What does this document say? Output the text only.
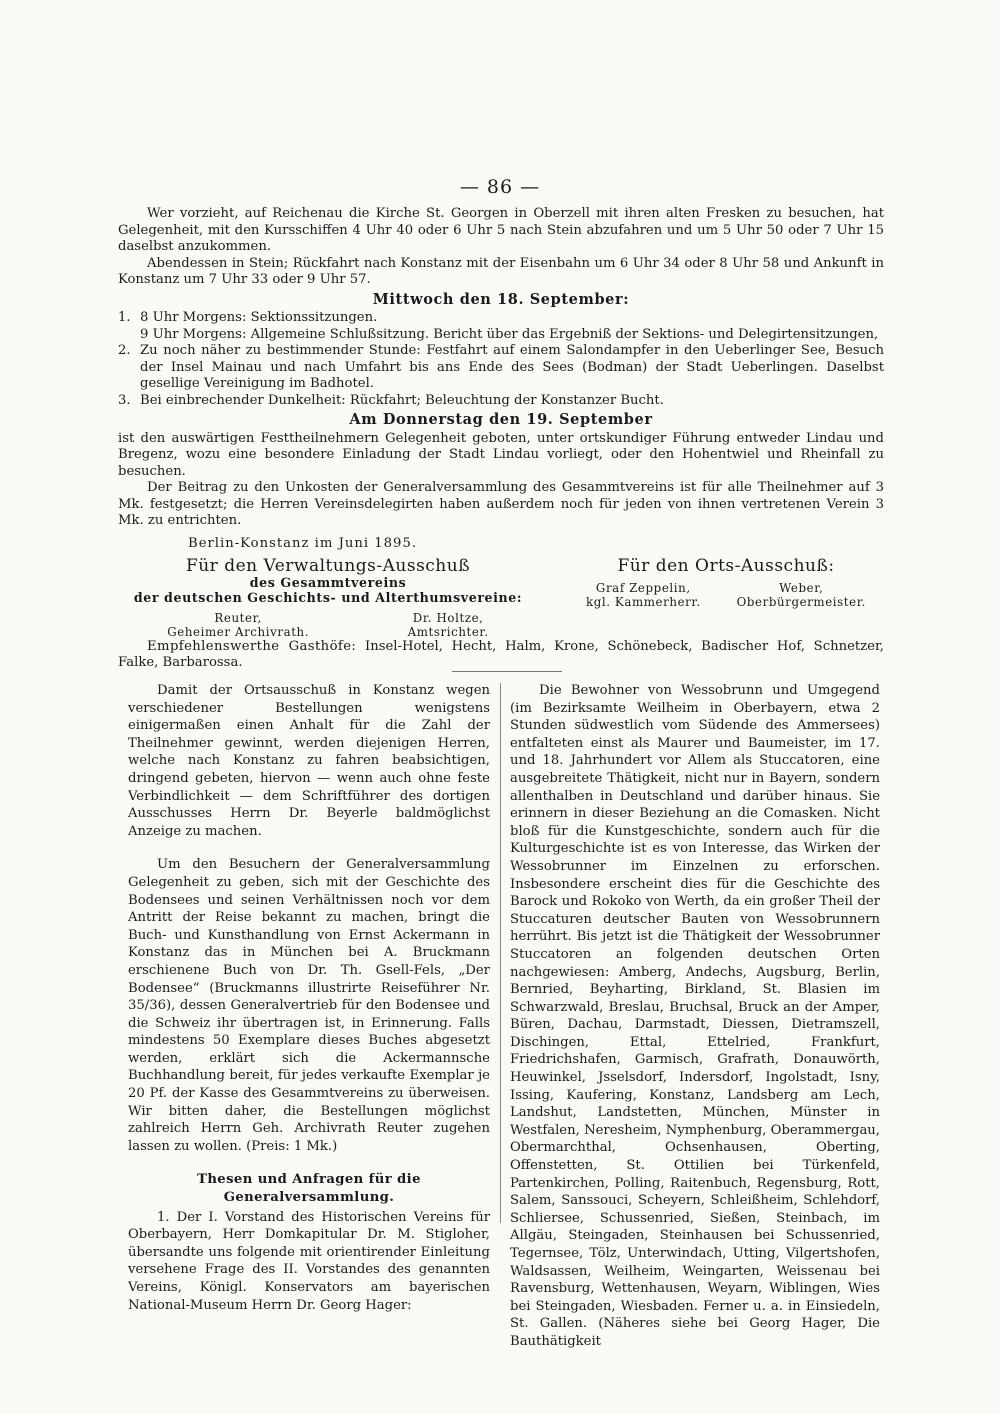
— 86 —

Wer vorzieht, auf Reichenau die Kirche St. Georgen in Oberzell mit ihren alten Fresken zu besuchen, hat Gelegenheit, mit den Kursschiffen 4 Uhr 40 oder 6 Uhr 5 nach Stein abzufahren und um 5 Uhr 50 oder 7 Uhr 15 daselbst anzukommen.

Abendessen in Stein; Rückfahrt nach Konstanz mit der Eisenbahn um 6 Uhr 34 oder 8 Uhr 58 und Ankunft in Konstanz um 7 Uhr 33 oder 9 Uhr 57.

Mittwoch den 18. September:
1. 8 Uhr Morgens: Sektionssitzungen.
9 Uhr Morgens: Allgemeine Schlußsitzung. Bericht über das Ergebniß der Sektions- und Delegirtensitzungen,
2. Zu noch näher zu bestimmender Stunde: Festfahrt auf einem Salondampfer in den Ueberlinger See, Besuch der Insel Mainau und nach Umfahrt bis ans Ende des Sees (Bodman) der Stadt Ueberlingen. Daselbst gesellige Vereinigung im Badhotel.
3. Bei einbrechender Dunkelheit: Rückfahrt; Beleuchtung der Konstanzer Bucht.
Am Donnerstag den 19. September

ist den auswärtigen Festtheilnehmern Gelegenheit geboten, unter ortskundiger Führung entweder Lindau und Bregenz, wozu eine besondere Einladung der Stadt Lindau vorliegt, oder den Hohentwiel und Rheinfall zu besuchen.

Der Beitrag zu den Unkosten der Generalversammlung des Gesammtvereins ist für alle Theilnehmer auf 3 Mk. festgesetzt; die Herren Vereinsdelegirten haben außerdem noch für jeden von ihnen vertretenen Verein 3 Mk. zu entrichten.

Berlin-Konstanz im Juni 1895.

Für den Verwaltungs-Ausschuß
des Gesammtvereins
der deutschen Geschichts- und Alterthumsvereine:
Reuter,
Geheimer Archivrath.
Dr. Holtze,
Amtsrichter.
Für den Orts-Ausschuß:
Graf Zeppelin,
kgl. Kammerherr.
Weber,
Oberbürgermeister.

Empfehlenswerthe Gasthöfe: Insel-Hotel, Hecht, Halm, Krone, Schönebeck, Badischer Hof, Schnetzer, Falke, Barbarossa.

Damit der Ortsausschuß in Konstanz wegen verschiedener Bestellungen wenigstens einigermaßen einen Anhalt für die Zahl der Theilnehmer gewinnt, werden diejenigen Herren, welche nach Konstanz zu fahren beabsichtigen, dringend gebeten, hiervon — wenn auch ohne feste Verbindlichkeit — dem Schriftführer des dortigen Ausschusses Herrn Dr. Beyerle baldmöglichst Anzeige zu machen.

Um den Besuchern der Generalversammlung Gelegenheit zu geben, sich mit der Geschichte des Bodensees und seinen Verhältnissen noch vor dem Antritt der Reise bekannt zu machen, bringt die Buch- und Kunsthandlung von Ernst Ackermann in Konstanz das in München bei A. Bruckmann erschienene Buch von Dr. Th. Gsell-Fels, „Der Bodensee“ (Bruckmanns illustrirte Reiseführer Nr. 35/36), dessen Generalvertrieb für den Bodensee und die Schweiz ihr übertragen ist, in Erinnerung. Falls mindestens 50 Exemplare dieses Buches abgesetzt werden, erklärt sich die Ackermannsche Buchhandlung bereit, für jedes verkaufte Exemplar je 20 Pf. der Kasse des Gesammtvereins zu überweisen. Wir bitten daher, die Bestellungen möglichst zahlreich Herrn Geh. Archivrath Reuter zugehen lassen zu wollen. (Preis: 1 Mk.)

Thesen und Anfragen für die Generalversammlung.

1. Der I. Vorstand des Historischen Vereins für Oberbayern, Herr Domkapitular Dr. M. Stigloher, übersandte uns folgende mit orientirender Einleitung versehene Frage des II. Vorstandes des genannten Vereins, Königl. Konservators am bayerischen National-Museum Herrn Dr. Georg Hager:

Die Bewohner von Wessobrunn und Umgegend (im Bezirksamte Weilheim in Oberbayern, etwa 2 Stunden südwestlich vom Südende des Ammersees) entfalteten einst als Maurer und Baumeister, im 17. und 18. Jahrhundert vor Allem als Stuccatoren, eine ausgebreitete Thätigkeit, nicht nur in Bayern, sondern allenthalben in Deutschland und darüber hinaus. Sie erinnern in dieser Beziehung an die Comasken. Nicht bloß für die Kunstgeschichte, sondern auch für die Kulturgeschichte ist es von Interesse, das Wirken der Wessobrunner im Einzelnen zu erforschen. Insbesondere erscheint dies für die Geschichte des Barock und Rokoko von Werth, da ein großer Theil der Stuccaturen deutscher Bauten von Wessobrunnern herrührt. Bis jetzt ist die Thätigkeit der Wessobrunner Stuccatoren an folgenden deutschen Orten nachgewiesen: Amberg, Andechs, Augsburg, Berlin, Bernried, Beyharting, Birkland, St. Blasien im Schwarzwald, Breslau, Bruchsal, Bruck an der Amper, Büren, Dachau, Darmstadt, Diessen, Dietramszell, Dischingen, Ettal, Ettelried, Frankfurt, Friedrichshafen, Garmisch, Grafrath, Donauwörth, Heuwinkel, Jsselsdorf, Indersdorf, Ingolstadt, Isny, Issing, Kaufering, Konstanz, Landsberg am Lech, Landshut, Landstetten, München, Münster in Westfalen, Neresheim, Nymphenburg, Oberammergau, Obermarchthal, Ochsenhausen, Oberting, Offenstetten, St. Ottilien bei Türkenfeld, Partenkirchen, Polling, Raitenbuch, Regensburg, Rott, Salem, Sanssouci, Scheyern, Schleißheim, Schlehdorf, Schliersee, Schussenried, Sießen, Steinbach, im Allgäu, Steingaden, Steinhausen bei Schussenried, Tegernsee, Tölz, Unterwindach, Utting, Vilgertshofen, Waldsassen, Weilheim, Weingarten, Weissenau bei Ravensburg, Wettenhausen, Weyarn, Wiblingen, Wies bei Steingaden, Wiesbaden. Ferner u. a. in Einsiedeln, St. Gallen. (Näheres siehe bei Georg Hager, Die Bauthätigkeit
